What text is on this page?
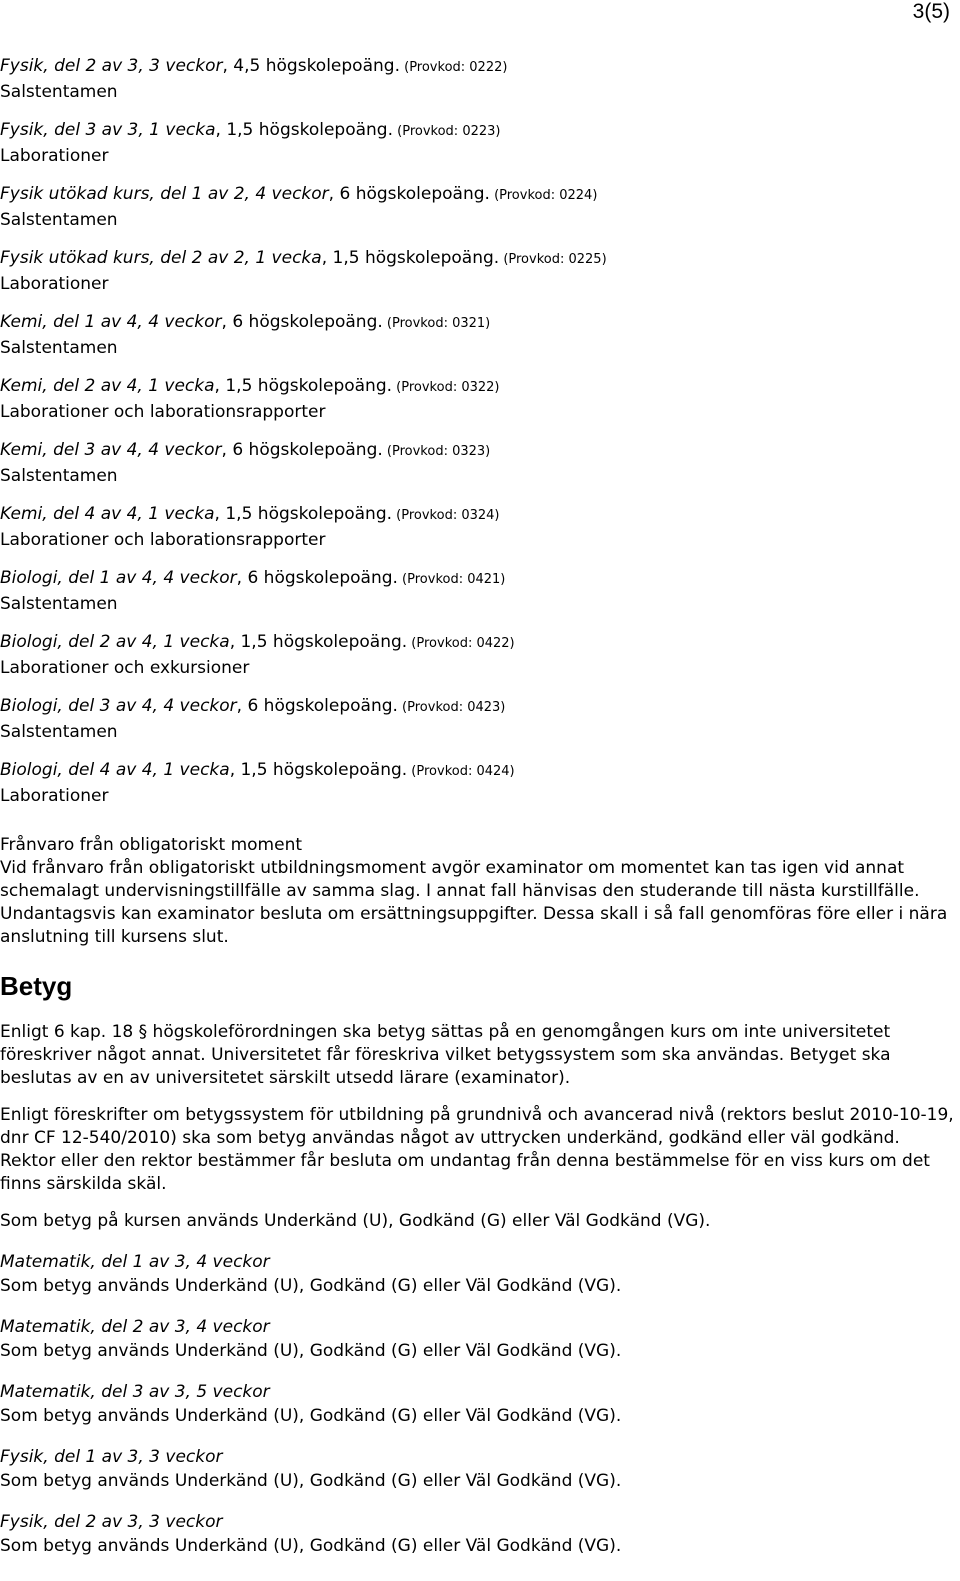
3(5)
Fysik, del 2 av 3, 3 veckor, 4,5 högskolepoäng. (Provkod: 0222)
Salstentamen
Fysik, del 3 av 3, 1 vecka, 1,5 högskolepoäng. (Provkod: 0223)
Laborationer
Fysik utökad kurs, del 1 av 2, 4 veckor, 6 högskolepoäng. (Provkod: 0224)
Salstentamen
Fysik utökad kurs, del 2 av 2, 1 vecka, 1,5 högskolepoäng. (Provkod: 0225)
Laborationer
Kemi, del 1 av 4, 4 veckor, 6 högskolepoäng. (Provkod: 0321)
Salstentamen
Kemi, del 2 av 4, 1 vecka, 1,5 högskolepoäng. (Provkod: 0322)
Laborationer och laborationsrapporter
Kemi, del 3 av 4, 4 veckor, 6 högskolepoäng. (Provkod: 0323)
Salstentamen
Kemi, del 4 av 4, 1 vecka, 1,5 högskolepoäng. (Provkod: 0324)
Laborationer och laborationsrapporter
Biologi, del 1 av 4, 4 veckor, 6 högskolepoäng. (Provkod: 0421)
Salstentamen
Biologi, del 2 av 4, 1 vecka, 1,5 högskolepoäng. (Provkod: 0422)
Laborationer och exkursioner
Biologi, del 3 av 4, 4 veckor, 6 högskolepoäng. (Provkod: 0423)
Salstentamen
Biologi, del 4 av 4, 1 vecka, 1,5 högskolepoäng. (Provkod: 0424)
Laborationer
Frånvaro från obligatoriskt moment
Vid frånvaro från obligatoriskt utbildningsmoment avgör examinator om momentet kan tas igen vid annat schemalagt undervisningstillfälle av samma slag. I annat fall hänvisas den studerande till nästa kurstillfälle. Undantagsvis kan examinator besluta om ersättningsuppgifter. Dessa skall i så fall genomföras före eller i nära anslutning till kursens slut.
Betyg
Enligt 6 kap. 18 § högskoleförordningen ska betyg sättas på en genomgången kurs om inte universitetet föreskriver något annat. Universitetet får föreskriva vilket betygssystem som ska användas. Betyget ska beslutas av en av universitetet särskilt utsedd lärare (examinator).
Enligt föreskrifter om betygssystem för utbildning på grundnivå och avancerad nivå (rektors beslut 2010-10-19, dnr CF 12-540/2010) ska som betyg användas något av uttrycken underkänd, godkänd eller väl godkänd. Rektor eller den rektor bestämmer får besluta om undantag från denna bestämmelse för en viss kurs om det finns särskilda skäl.
Som betyg på kursen används Underkänd (U), Godkänd (G) eller Väl Godkänd (VG).
Matematik, del 1 av 3, 4 veckor
Som betyg används Underkänd (U), Godkänd (G) eller Väl Godkänd (VG).
Matematik, del 2 av 3, 4 veckor
Som betyg används Underkänd (U), Godkänd (G) eller Väl Godkänd (VG).
Matematik, del 3 av 3, 5 veckor
Som betyg används Underkänd (U), Godkänd (G) eller Väl Godkänd (VG).
Fysik, del 1 av 3, 3 veckor
Som betyg används Underkänd (U), Godkänd (G) eller Väl Godkänd (VG).
Fysik, del 2 av 3, 3 veckor
Som betyg används Underkänd (U), Godkänd (G) eller Väl Godkänd (VG).
